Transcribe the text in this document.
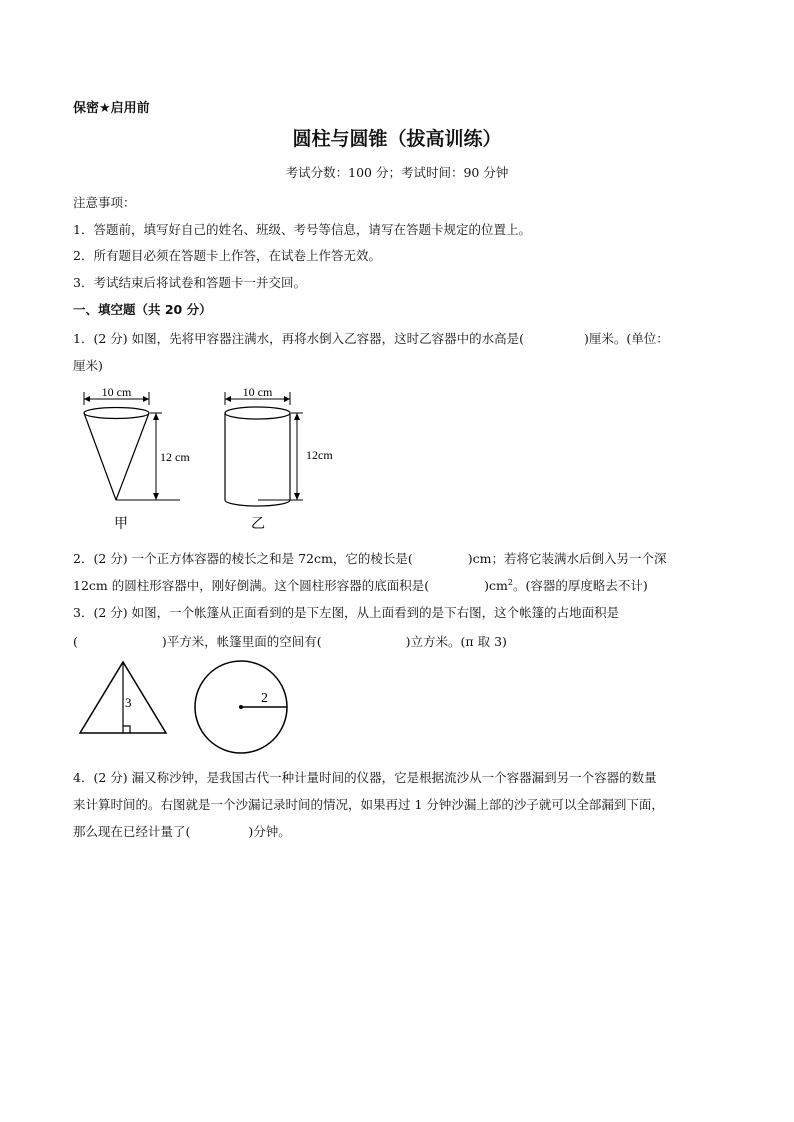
保密★启用前
圆柱与圆锥（拔高训练）
考试分数：100 分；考试时间：90 分钟
注意事项：
1．答题前，填写好自己的姓名、班级、考号等信息，请写在答题卡规定的位置上。
2．所有题目必须在答题卡上作答，在试卷上作答无效。
3．考试结束后将试卷和答题卡一并交回。
一、填空题（共 20 分）
1．(2 分) 如图，先将甲容器注满水，再将水倒入乙容器，这时乙容器中的水高是(	)厘米。(单位：
厘米)
10 cm
12 cm
甲
10 cm
12cm
乙
2．(2 分) 一个正方体容器的棱长之和是 72cm，它的棱长是(	)cm；若将它装满水后倒入另一个深
12cm 的圆柱形容器中，刚好倒满。这个圆柱形容器的底面积是(	)$cm^2$。(容器的厚度略去不计)
3．(2 分) 如图，一个帐篷从正面看到的是下左图，从上面看到的是下右图，这个帐篷的占地面积是
(	)平方米，帐篷里面的空间有(	)立方米。(π 取 3)
3	2
4．(2 分) 漏又称沙钟，是我国古代一种计量时间的仪器，它是根据流沙从一个容器漏到另一个容器的数量
来计算时间的。右图就是一个沙漏记录时间的情况，如果再过 1 分钟沙漏上部的沙子就可以全部漏到下面，
那么现在已经计量了(	)分钟。
